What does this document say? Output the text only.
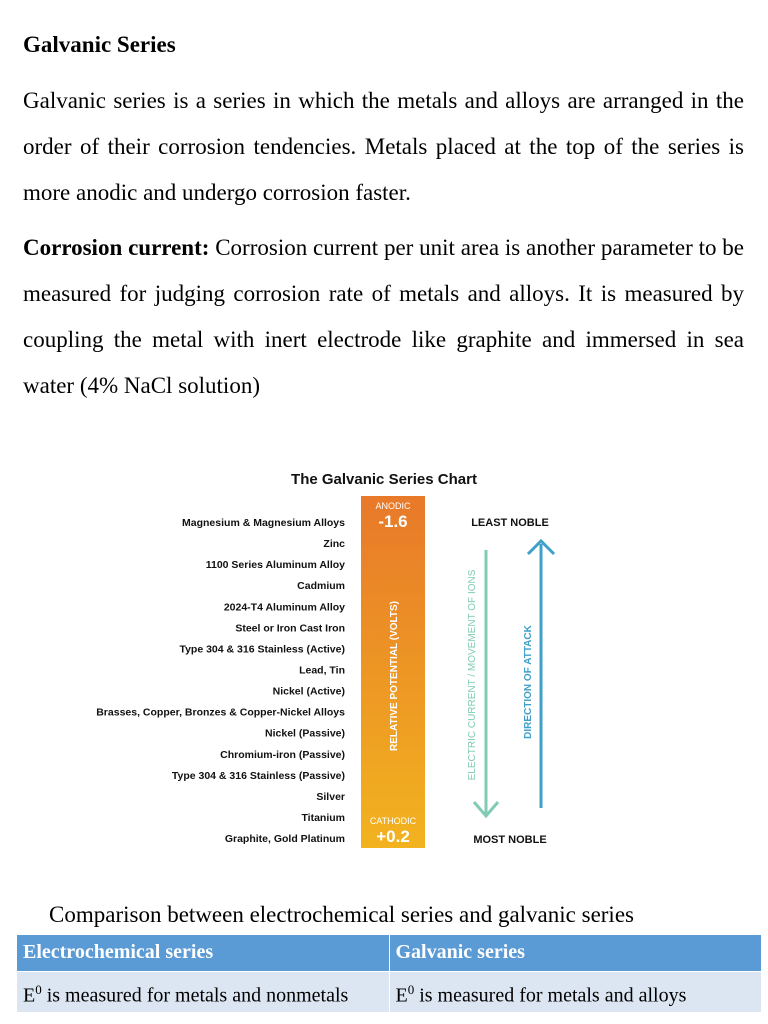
Galvanic Series

Galvanic series is a series in which the metals and alloys are arranged in the order of their corrosion tendencies. Metals placed at the top of the series is more anodic and undergo corrosion faster.

Corrosion current: Corrosion current per unit area is another parameter to be measured for judging corrosion rate of metals and alloys. It is measured by coupling the metal with inert electrode like graphite and immersed in sea water (4% NaCl solution)

The Galvanic Series Chart
Magnesium & Magnesium Alloys
Zinc
1100 Series Aluminum Alloy
Cadmium
2024-T4 Aluminum Alloy
Steel or Iron Cast Iron
Type 304 & 316 Stainless (Active)
Lead, Tin
Nickel (Active)
Brasses, Copper, Bronzes & Copper-Nickel Alloys
Nickel (Passive)
Chromium-iron (Passive)
Type 304 & 316 Stainless (Passive)
Silver
Titanium
Graphite, Gold Platinum
ANODIC
-1.6
RELATIVE POTENTIAL (VOLTS)
CATHODIC
+0.2
LEAST NOBLE
MOST NOBLE
ELECTRIC CURRENT / MOVEMENT OF IONS	DIRECTION OF ATTACK

Comparison between electrochemical series and galvanic series

Electrochemical series	Galvanic series
$E^0$ is measured for metals and nonmetals	$E^0$ is measured for metals and alloys
